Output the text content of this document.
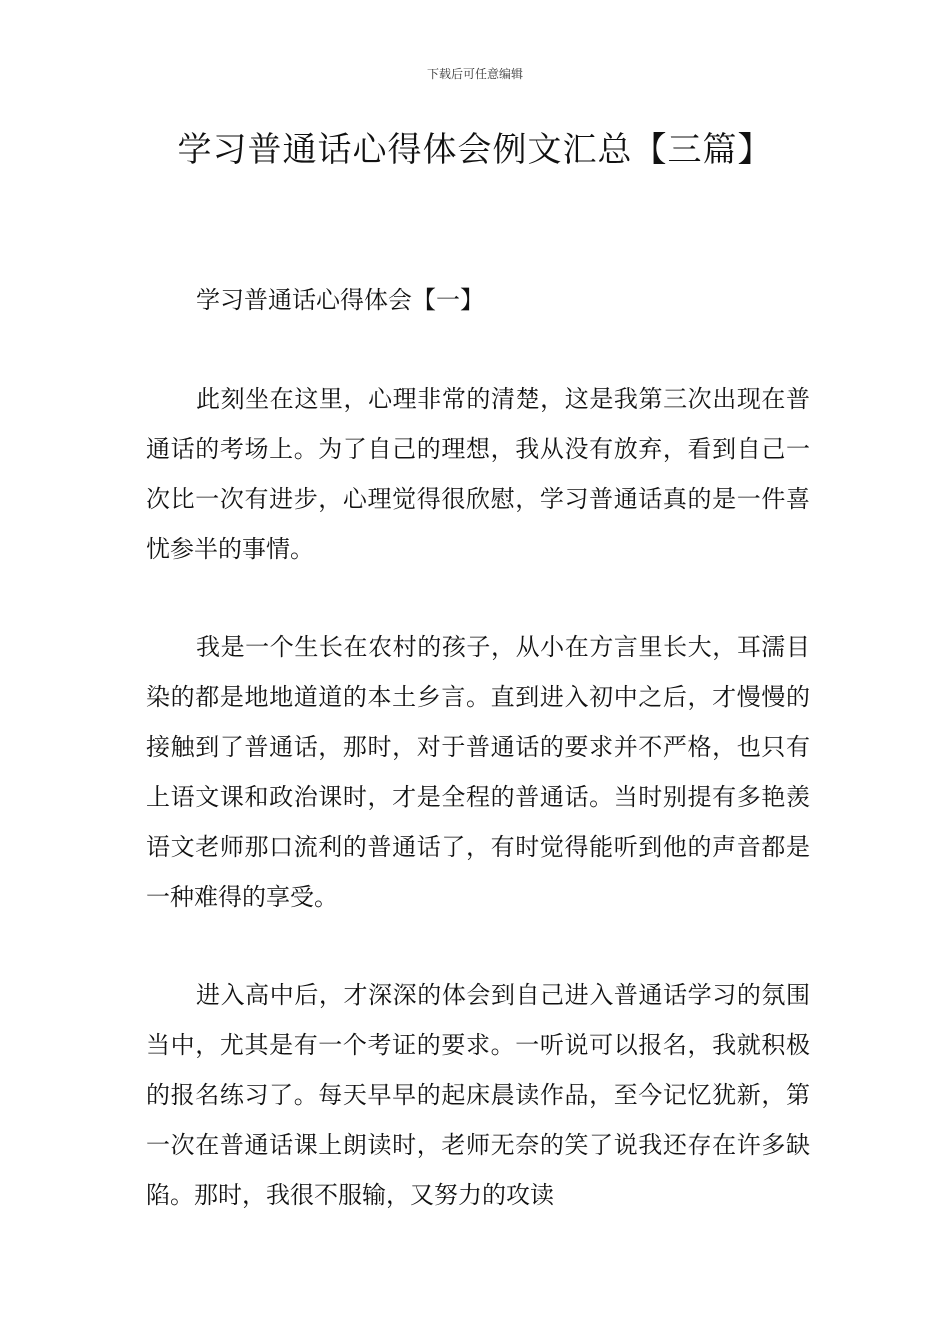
下载后可任意编辑
学习普通话心得体会例文汇总【三篇】
学习普通话心得体会【一】

此刻坐在这里，心理非常的清楚，这是我第三次出现在普通话的考场上。为了自己的理想，我从没有放弃，看到自己一次比一次有进步，心理觉得很欣慰，学习普通话真的是一件喜忧参半的事情。

我是一个生长在农村的孩子，从小在方言里长大，耳濡目染的都是地地道道的本土乡言。直到进入初中之后，才慢慢的接触到了普通话，那时，对于普通话的要求并不严格，也只有上语文课和政治课时，才是全程的普通话。当时别提有多艳羡语文老师那口流利的普通话了，有时觉得能听到他的声音都是一种难得的享受。

进入高中后，才深深的体会到自己进入普通话学习的氛围当中，尤其是有一个考证的要求。一听说可以报名，我就积极的报名练习了。每天早早的起床晨读作品，至今记忆犹新，第一次在普通话课上朗读时，老师无奈的笑了说我还存在许多缺陷。那时，我很不服输，又努力的攻读
